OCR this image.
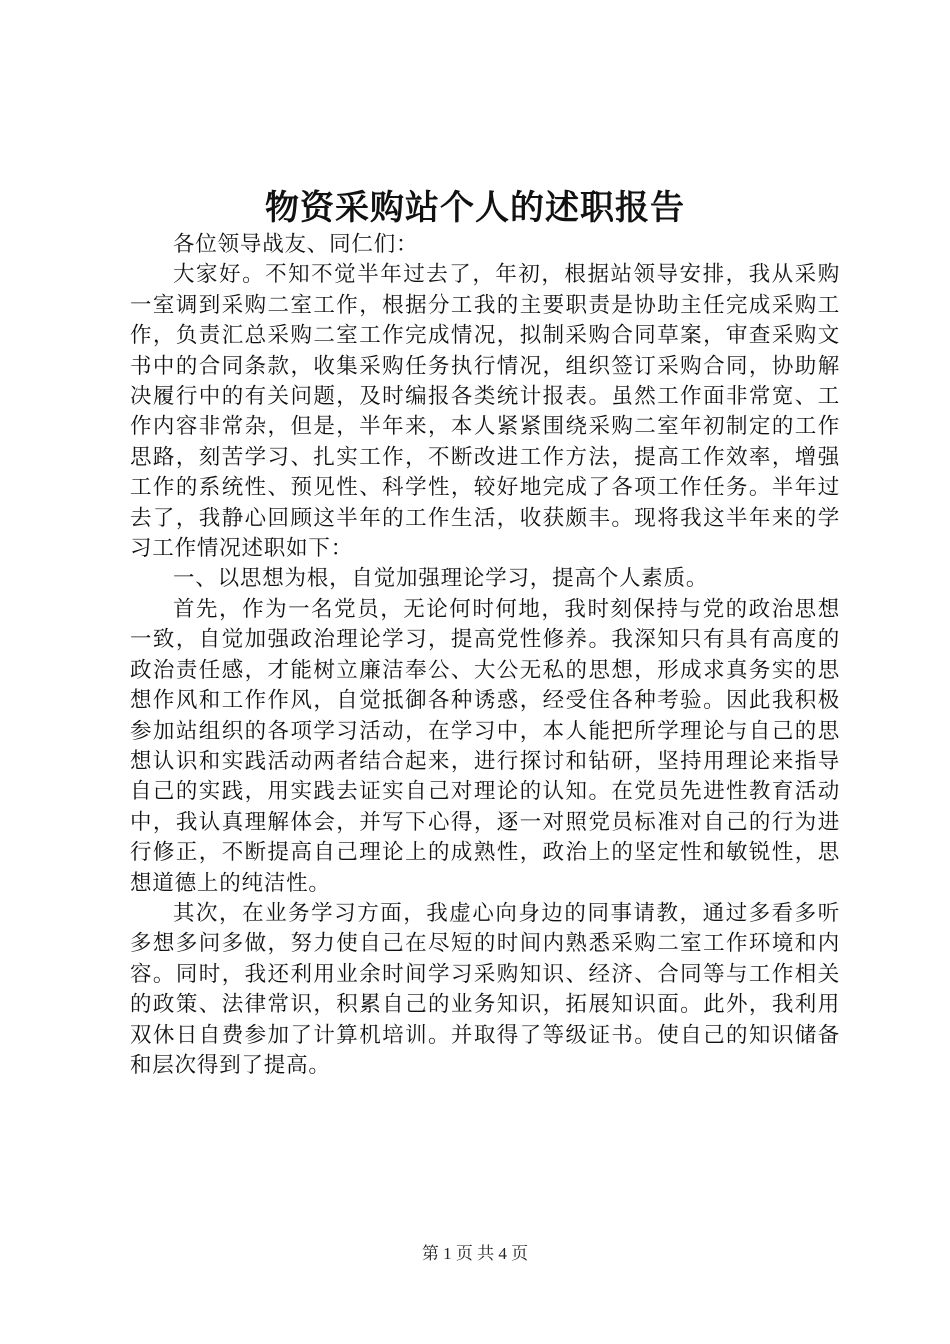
物资采购站个人的述职报告

各位领导战友、同仁们：

大家好。不知不觉半年过去了，年初，根据站领导安排，我从采购一室调到采购二室工作，根据分工我的主要职责是协助主任完成采购工作，负责汇总采购二室工作完成情况，拟制采购合同草案，审查采购文书中的合同条款，收集采购任务执行情况，组织签订采购合同，协助解决履行中的有关问题，及时编报各类统计报表。虽然工作面非常宽、工作内容非常杂，但是，半年来，本人紧紧围绕采购二室年初制定的工作思路，刻苦学习、扎实工作，不断改进工作方法，提高工作效率，增强工作的系统性、预见性、科学性，较好地完成了各项工作任务。半年过去了，我静心回顾这半年的工作生活，收获颇丰。现将我这半年来的学习工作情况述职如下：

一、以思想为根，自觉加强理论学习，提高个人素质。

首先，作为一名党员，无论何时何地，我时刻保持与党的政治思想一致，自觉加强政治理论学习，提高党性修养。我深知只有具有高度的政治责任感，才能树立廉洁奉公、大公无私的思想，形成求真务实的思想作风和工作作风，自觉抵御各种诱惑，经受住各种考验。因此我积极参加站组织的各项学习活动，在学习中，本人能把所学理论与自己的思想认识和实践活动两者结合起来，进行探讨和钻研，坚持用理论来指导自己的实践，用实践去证实自己对理论的认知。在党员先进性教育活动中，我认真理解体会，并写下心得，逐一对照党员标准对自己的行为进行修正，不断提高自己理论上的成熟性，政治上的坚定性和敏锐性，思想道德上的纯洁性。

其次，在业务学习方面，我虚心向身边的同事请教，通过多看多听多想多问多做，努力使自己在尽短的时间内熟悉采购二室工作环境和内容。同时，我还利用业余时间学习采购知识、经济、合同等与工作相关的政策、法律常识，积累自己的业务知识，拓展知识面。此外，我利用双休日自费参加了计算机培训。并取得了等级证书。使自己的知识储备和层次得到了提高。

第 1 页 共 4 页
